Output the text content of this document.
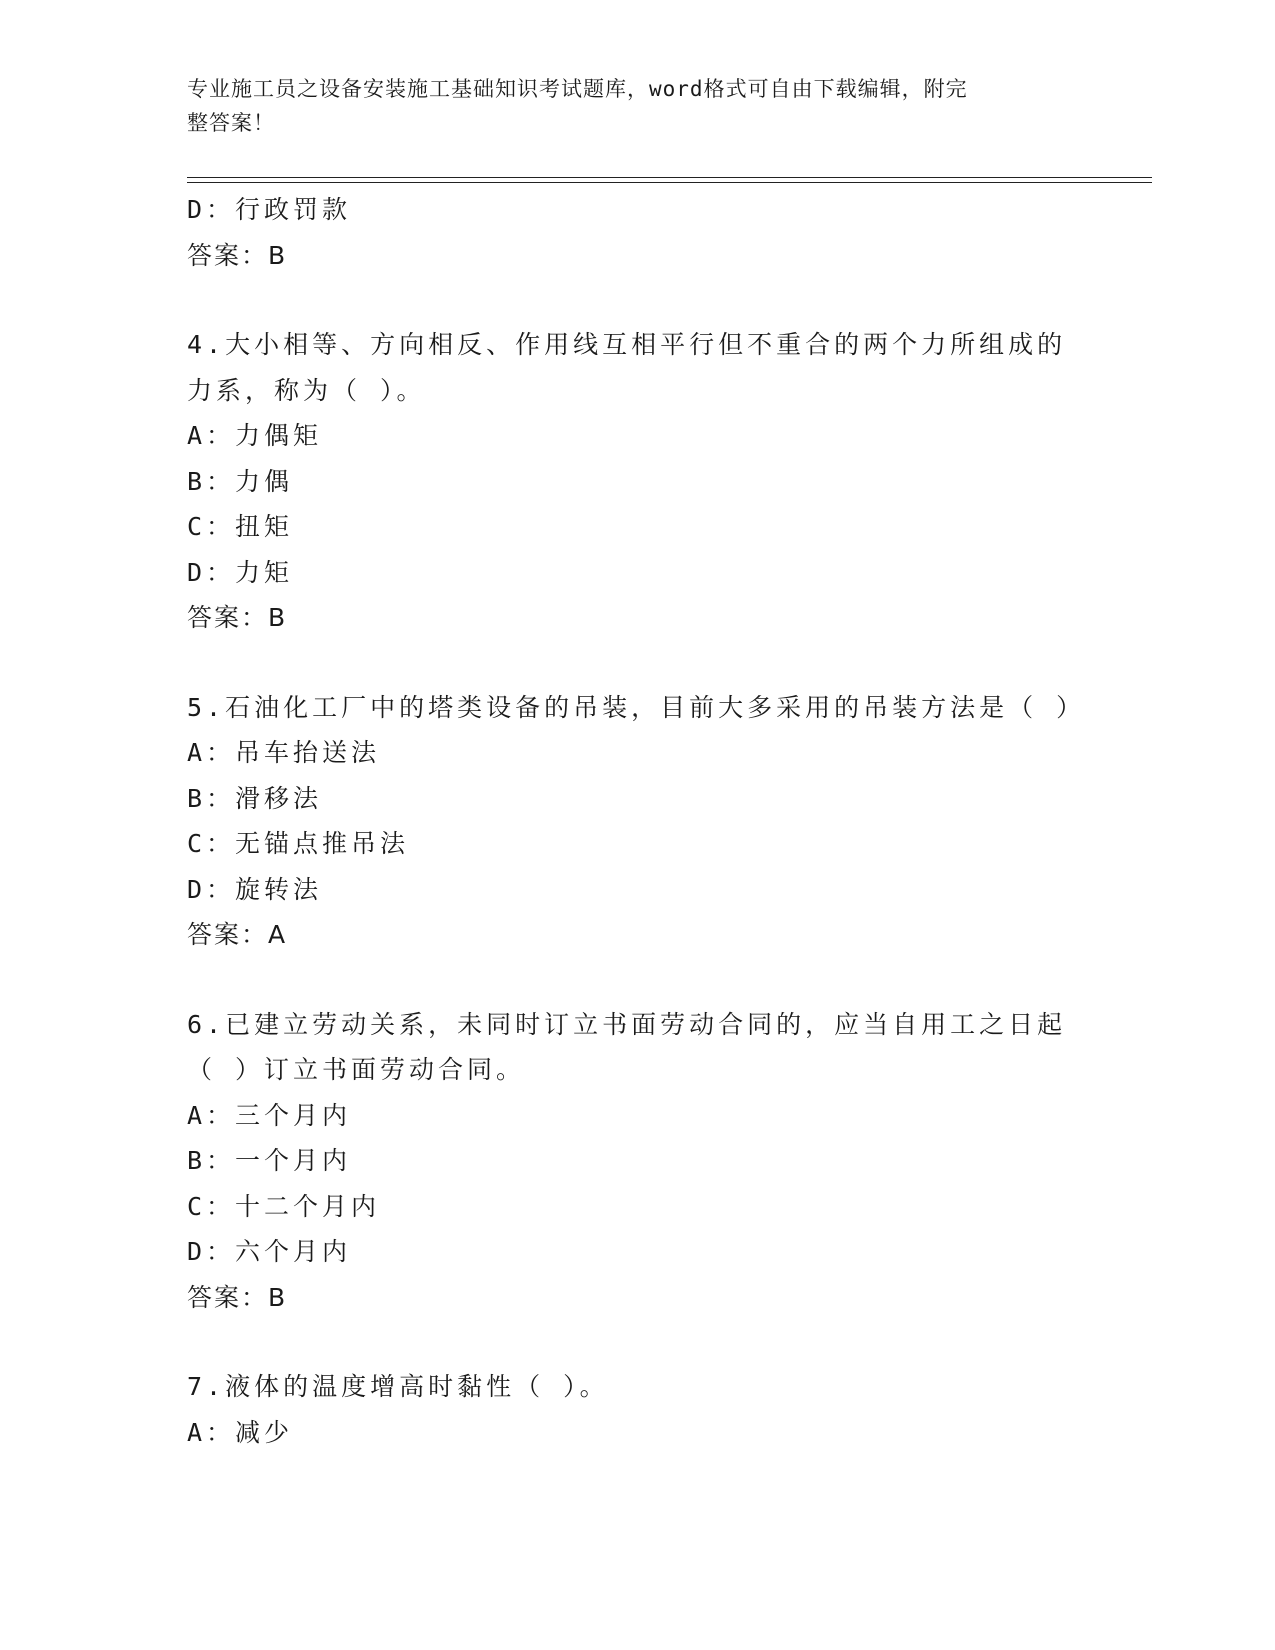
专业施工员之设备安装施工基础知识考试题库，word格式可自由下载编辑，附完
整答案！
D：行政罚款
答案：B
4.大小相等、方向相反、作用线互相平行但不重合的两个力所组成的
力系，称为（ ）。
A：力偶矩
B：力偶
C：扭矩
D：力矩
答案：B
5.石油化工厂中的塔类设备的吊装，目前大多采用的吊装方法是（ ）
A：吊车抬送法
B：滑移法
C：无锚点推吊法
D：旋转法
答案：A
6.已建立劳动关系，未同时订立书面劳动合同的，应当自用工之日起
（ ）订立书面劳动合同。
A：三个月内
B：一个月内
C：十二个月内
D：六个月内
答案：B
7.液体的温度增高时黏性（ ）。
A：减少
